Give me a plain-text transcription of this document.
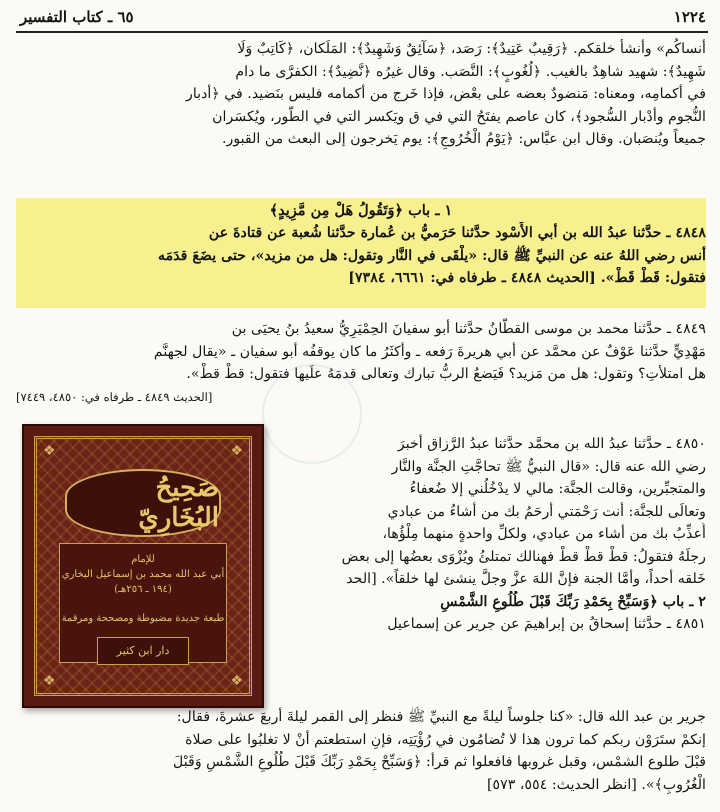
١٢٢٤
٦٥ ـ كتاب التفسير
أنساكُم» وأنشأ خلقكم. ﴿رَقِيبٌ عَتِيدٌ﴾: رَصَد، ﴿سَآئِقٌ وَشَهِيدٌ﴾: المَلَكان، ﴿كَاتِبٌ وَلَا
شَهِيدٌ﴾: شهيد شاهِدٌ بالغيب. ﴿لُغُوبٍ﴾: النَّصَب. وقال غيرُه ﴿نَّضِيدٌ﴾: الكفرَّى ما دام
في أكمامِه، ومعناه: مَنضودٌ بعضه على بعْض، فإذا خَرج من أكمامه فليس بنَضيد. في ﴿أدبار
النُّجوم وأدْبار السُّجود﴾، كان عاصم يفتَحُ التي في ق ويَكسر التي في الطُّور، ويُكسَران
جميعاً ويُنصَبان. وقال ابن عبَّاس: ﴿يَوْمُ الْخُرُوجِ﴾: يوم يَخرجون إلى البعث من القبور.
١ ـ باب ﴿وَتَقُولُ هَلْ مِن مَّزِيدٍ﴾
٤٨٤٨ ـ حدَّثنا عبدُ الله بن أبي الأَسْود حدَّثنا حَرَميُّ بن عُمارة حدَّثنا شُعبة عن قتادةَ عن
أنس رضي اللهُ عنه عن النبيِّ ﷺ قال: «يلْقَى في النَّار وتقول: هل من مزيد»، حتى يضَعَ قدَمَه
فتقول: قَطْ قَطْ». [الحديث ٤٨٤٨ ـ طرفاه في: ٦٦٦١، ٧٣٨٤]
٤٨٤٩ ـ حدَّثنا محمد بن موسى القطَّانُ حدَّثنا أبو سفيانَ الحِمْيَرِيُّ سعيدُ بنُ يحيَى بن
مَهْدِيٍّ حدَّثنا عَوْفٌ عن محمَّد عن أبي هريرةَ رَفعه ـ وأكثَرُ ما كان يوقفُه أبو سفيان ـ «يقال لجهنَّم
هل امتلأتِ؟ وتقول: هل من مَزيد؟ فَيَضعُ الربُّ تبارك وتعالى قدمَهُ علَيها فتقول: قطْ قطْ».
[الحديث ٤٨٤٩ ـ طرفاه في: ٤٨٥٠، ٧٤٤٩]
٤٨٥٠ ـ حدَّثنا عبدُ الله بن محمَّد حدَّثنا عبدُ الرَّزاق أخبرَ
رضي الله عنه قال: «قال النبيُّ ﷺ تحاجَّتِ الجنَّة والنَّار
والمتجبِّرين، وقالت الجنَّة: مالي لا يدْخُلُني إلا ضُعفاءُ
وتعالَى للجنَّة: أنت رَحْمَتي أرحَمُ بك من أشاءُ من عبادي
أُعذِّبُ بك من أشاء من عبادي، ولكلِّ واحدةٍ منهما مِلْؤُها،
رجلَهُ فتقولُ: قطْ قطْ قطْ فهنالك تمتلئُ ويُزْوَى بعضُها إلى بعض
خَلقه أحداً، وأمَّا الجنة فإنَّ اللهَ عزَّ وجلَّ ينشئ لها خلقاً». [الحد
٢ ـ باب ﴿وَسَبِّحْ بِحَمْدِ رَبِّكَ قَبْلَ طُلُوعِ الشَّمْسِ
٤٨٥١ ـ حدَّثنا إسحاقُ بن إبراهيمَ عن جرير عن إسماعيل
جرير بن عبد الله قال: «كنا جلوساً ليلةً مع النبيِّ ﷺ فنظر إلى القمر ليلةَ أربعَ عشرةَ، فقال:
إنكمْ ستَرَوْن ربكم كما ترون هذا لا تُضامُون في رُؤْيَتِه، فإنِ استطعتم أنْ لا تغلبُوا على صلاة
قبْلَ طلوع الشمْس، وقبل غروبها فافعلوا ثم قرأ: ﴿وَسَبِّحْ بِحَمْدِ رَبِّكَ قَبْلَ طُلُوعِ الشَّمْسِ وَقَبْلَ
الْغُرُوبِ﴾». [انظر الحديث: ٥٥٤، ٥٧٣]
❖	❖
❖	❖
صَحِيحُ البُخَارِيّ
للإمام
أبي عبد الله محمد بن إسماعيل البخاري
(١٩٤ ـ ٢٥٦هـ)
طبعة جديدة مضبوطة ومصححة ومرقمة
دار ابن كثير
